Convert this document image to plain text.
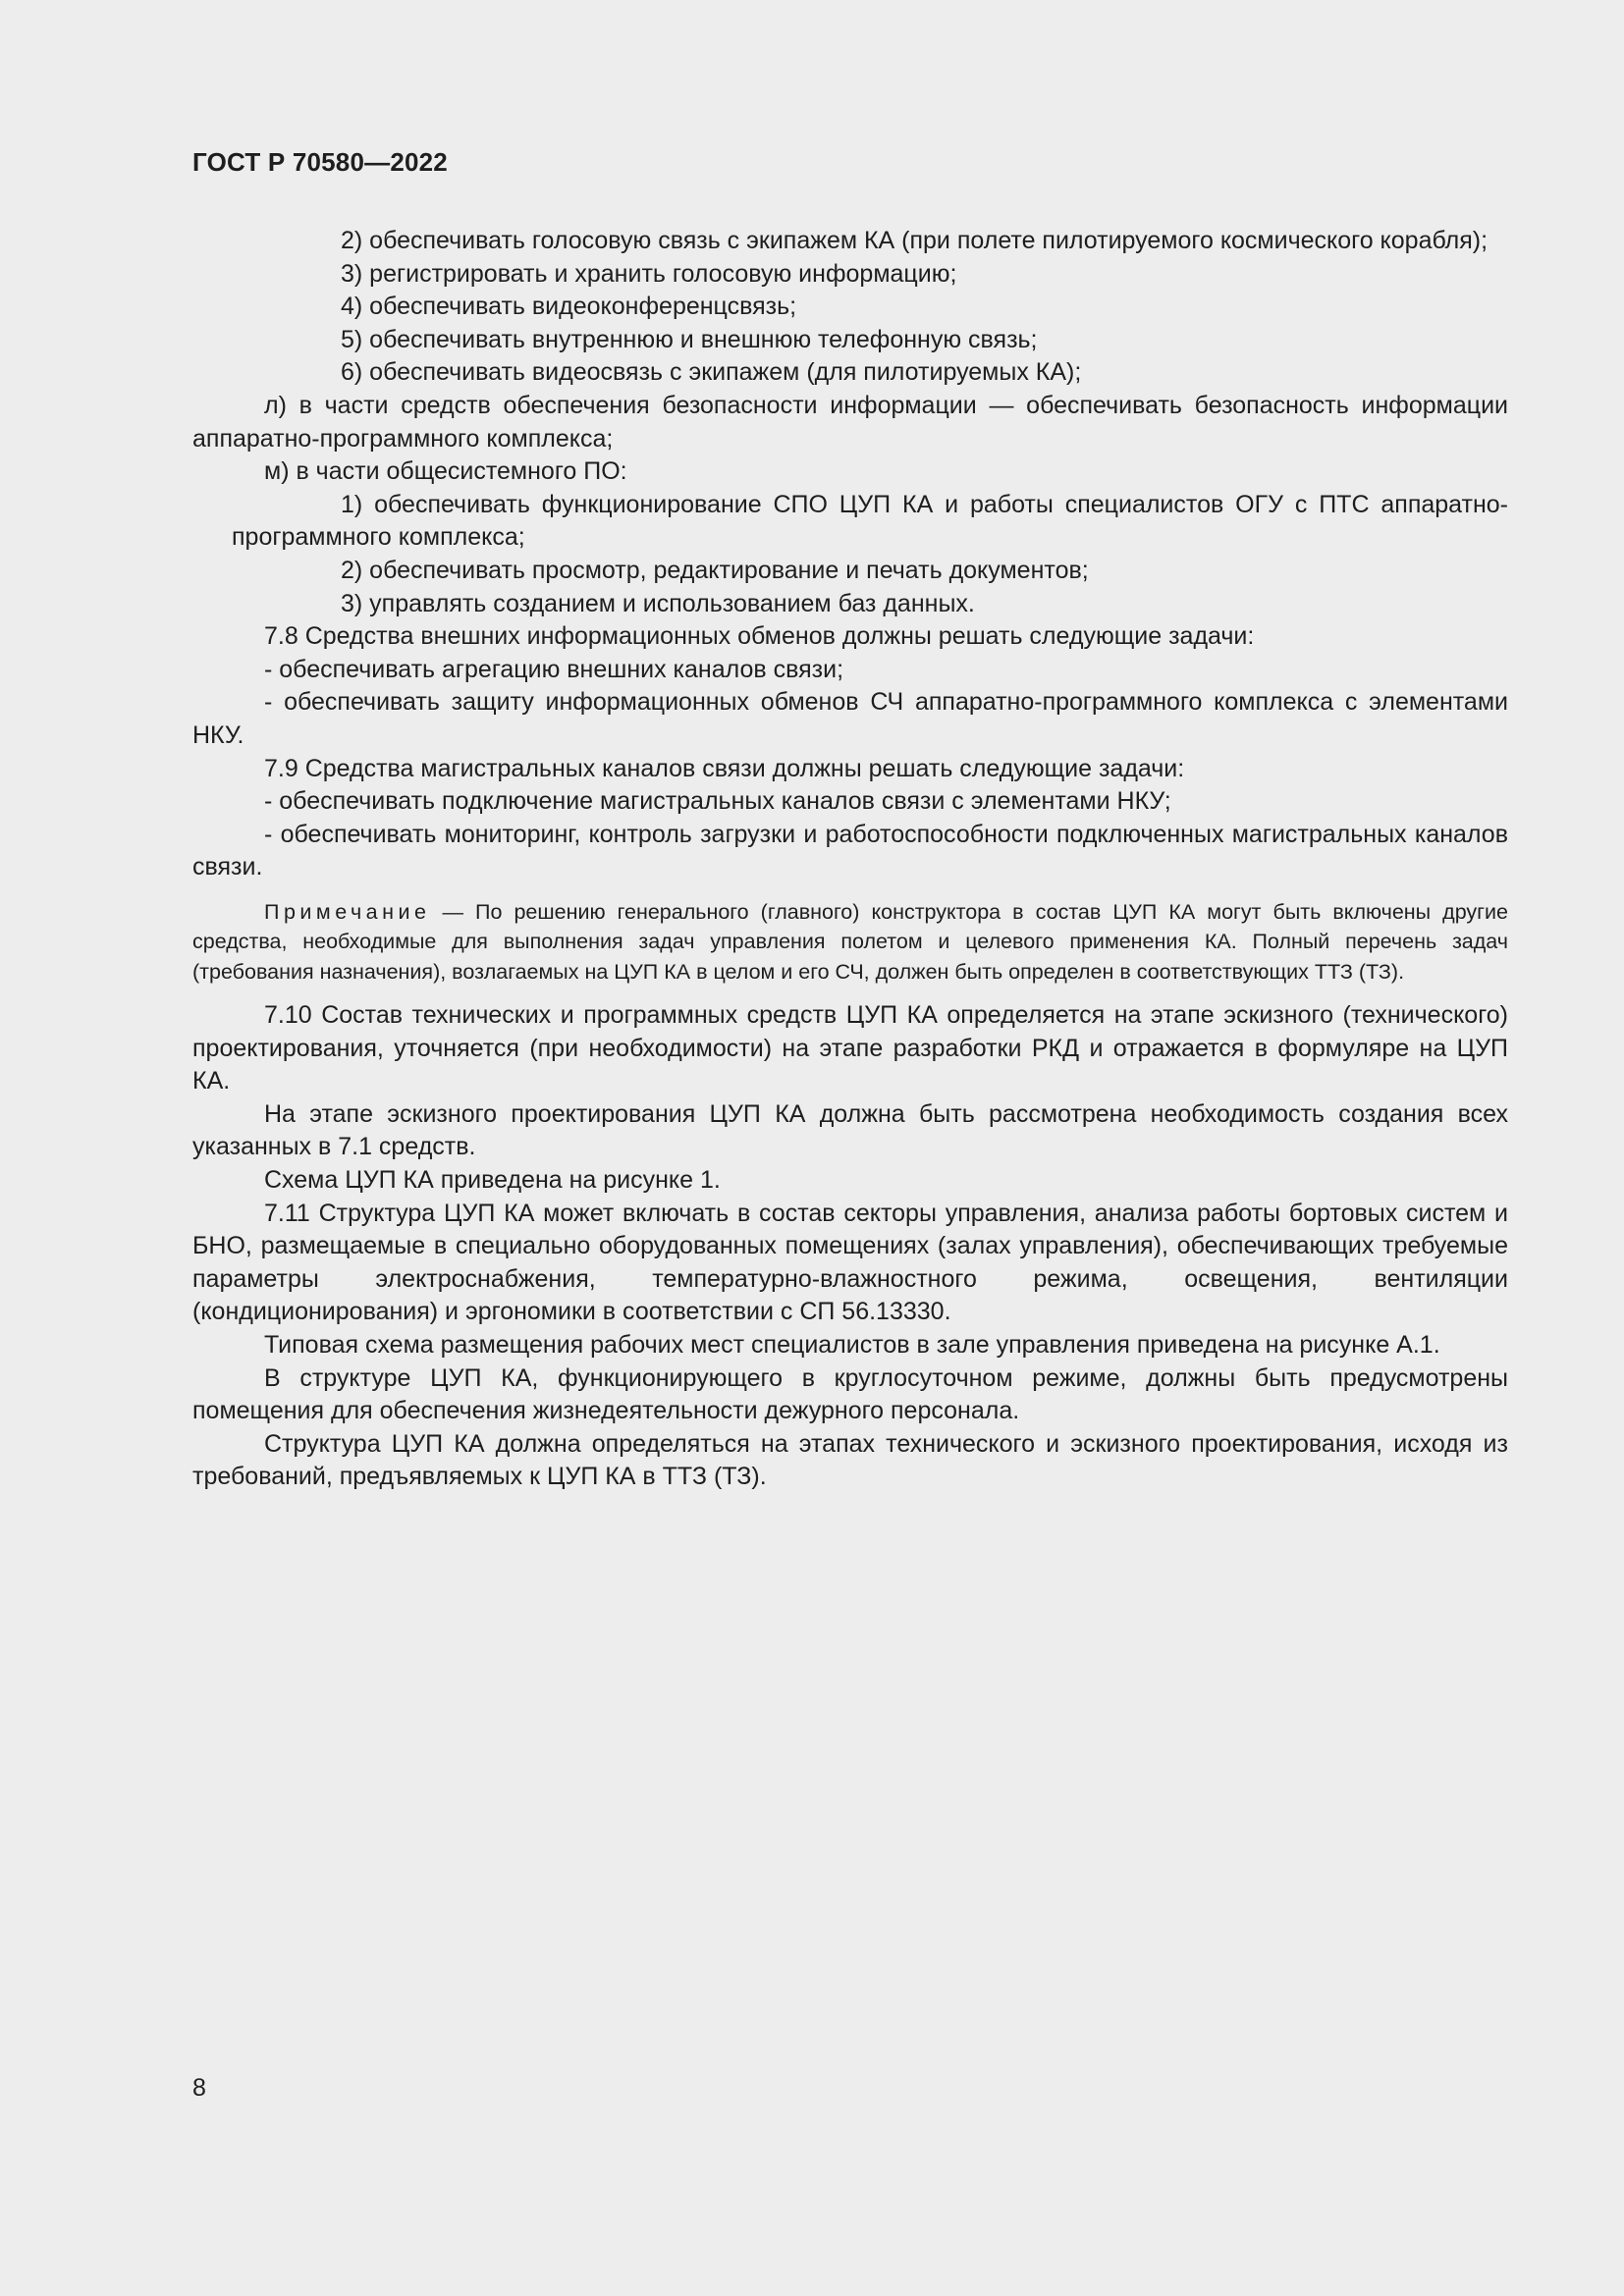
ГОСТ Р 70580—2022

2) обеспечивать голосовую связь с экипажем КА (при полете пилотируемого космического корабля);

3) регистрировать и хранить голосовую информацию;

4) обеспечивать видеоконференцсвязь;

5) обеспечивать внутреннюю и внешнюю телефонную связь;

6) обеспечивать видеосвязь с экипажем (для пилотируемых КА);

л) в части средств обеспечения безопасности информации — обеспечивать безопасность информации аппаратно-программного комплекса;

м) в части общесистемного ПО:

1) обеспечивать функционирование СПО ЦУП КА и работы специалистов ОГУ с ПТС аппаратно-программного комплекса;

2) обеспечивать просмотр, редактирование и печать документов;

3) управлять созданием и использованием баз данных.

7.8 Средства внешних информационных обменов должны решать следующие задачи:

- обеспечивать агрегацию внешних каналов связи;

- обеспечивать защиту информационных обменов СЧ аппаратно-программного комплекса с элементами НКУ.

7.9 Средства магистральных каналов связи должны решать следующие задачи:

- обеспечивать подключение магистральных каналов связи с элементами НКУ;

- обеспечивать мониторинг, контроль загрузки и работоспособности подключенных магистральных каналов связи.

Примечание — По решению генерального (главного) конструктора в состав ЦУП КА могут быть включены другие средства, необходимые для выполнения задач управления полетом и целевого применения КА. Полный перечень задач (требования назначения), возлагаемых на ЦУП КА в целом и его СЧ, должен быть определен в соответствующих ТТЗ (ТЗ).

7.10 Состав технических и программных средств ЦУП КА определяется на этапе эскизного (технического) проектирования, уточняется (при необходимости) на этапе разработки РКД и отражается в формуляре на ЦУП КА.

На этапе эскизного проектирования ЦУП КА должна быть рассмотрена необходимость создания всех указанных в 7.1 средств.

Схема ЦУП КА приведена на рисунке 1.

7.11 Структура ЦУП КА может включать в состав секторы управления, анализа работы бортовых систем и БНО, размещаемые в специально оборудованных помещениях (залах управления), обеспечивающих требуемые параметры электроснабжения, температурно-влажностного режима, освещения, вентиляции (кондиционирования) и эргономики в соответствии с СП 56.13330.

Типовая схема размещения рабочих мест специалистов в зале управления приведена на рисунке А.1.

В структуре ЦУП КА, функционирующего в круглосуточном режиме, должны быть предусмотрены помещения для обеспечения жизнедеятельности дежурного персонала.

Структура ЦУП КА должна определяться на этапах технического и эскизного проектирования, исходя из требований, предъявляемых к ЦУП КА в ТТЗ (ТЗ).

8
